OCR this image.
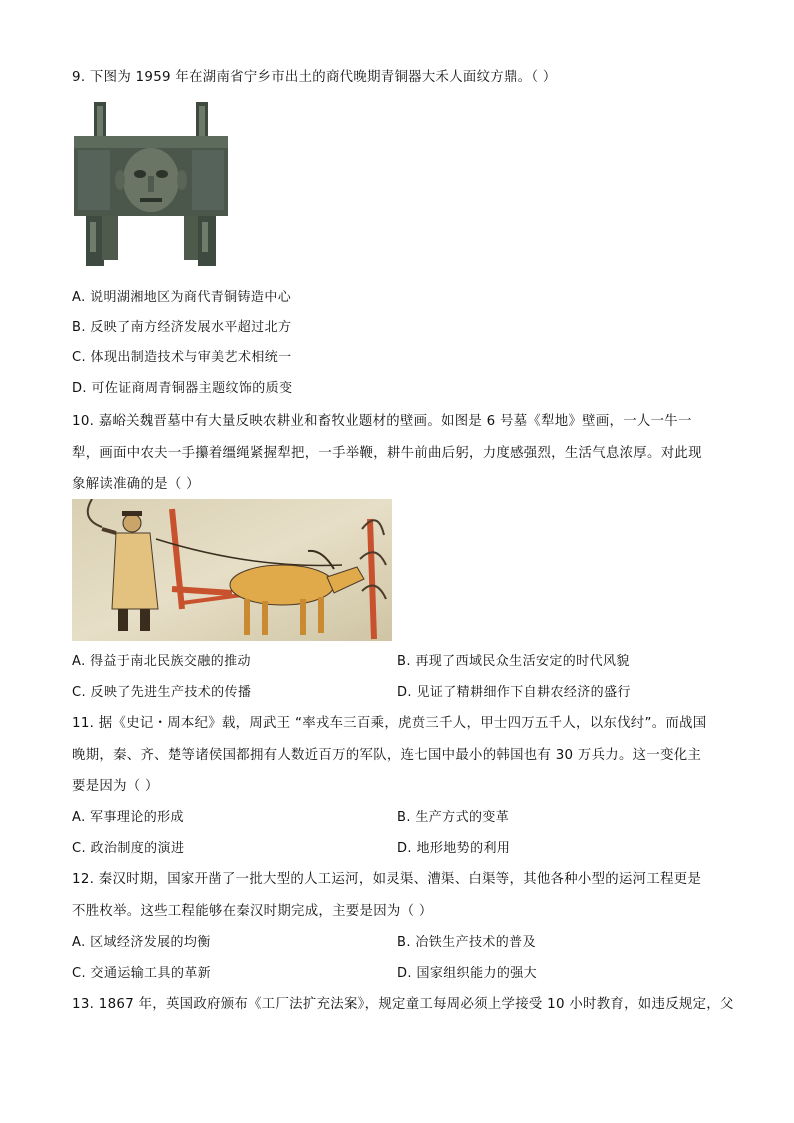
9. 下图为 1959 年在湖南省宁乡市出土的商代晚期青铜器大禾人面纹方鼎。（ ）
A. 说明湖湘地区为商代青铜铸造中心
B. 反映了南方经济发展水平超过北方
C. 体现出制造技术与审美艺术相统一
D. 可佐证商周青铜器主题纹饰的质变
10. 嘉峪关魏晋墓中有大量反映农耕业和畜牧业题材的壁画。如图是 6 号墓《犁地》壁画，一人一牛一
犁，画面中农夫一手攥着缰绳紧握犁把，一手举鞭，耕牛前曲后躬，力度感强烈，生活气息浓厚。对此现
象解读准确的是（ ）
A. 得益于南北民族交融的推动	B. 再现了西域民众生活安定的时代风貌
C. 反映了先进生产技术的传播	D. 见证了精耕细作下自耕农经济的盛行
11. 据《史记・周本纪》载，周武王 “率戎车三百乘，虎贲三千人，甲士四万五千人，以东伐纣”。而战国
晚期，秦、齐、楚等诸侯国都拥有人数近百万的军队，连七国中最小的韩国也有 30 万兵力。这一变化主
要是因为（ ）
A. 军事理论的形成	B. 生产方式的变革
C. 政治制度的演进	D. 地形地势的利用
12. 秦汉时期，国家开凿了一批大型的人工运河，如灵渠、漕渠、白渠等，其他各种小型的运河工程更是
不胜枚举。这些工程能够在秦汉时期完成，主要是因为（ ）
A. 区域经济发展的均衡	B. 冶铁生产技术的普及
C. 交通运输工具的革新	D. 国家组织能力的强大
13. 1867 年，英国政府颁布《工厂法扩充法案》，规定童工每周必须上学接受 10 小时教育，如违反规定，父
